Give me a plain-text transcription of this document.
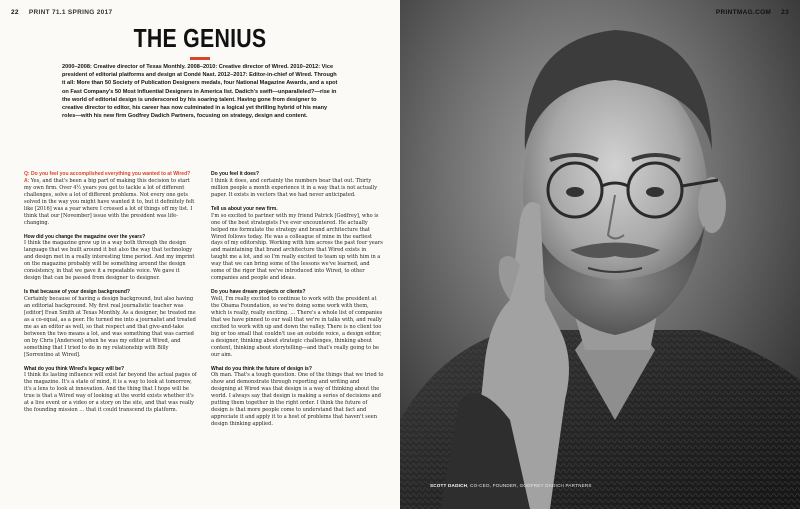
22 PRINT 71.1 SPRING 2017
THE GENIUS
2000–2008: Creative director of Texas Monthly. 2008–2010: Creative director of Wired. 2010–2012: Vice president of editorial platforms and design at Condé Nast. 2012–2017: Editor-in-chief of Wired. Through it all: More than 50 Society of Publication Designers medals, four National Magazine Awards, and a spot on Fast Company's 50 Most Influential Designers in America list. Dadich's swift—unparalleled?—rise in the world of editorial design is underscored by his soaring talent. Having gone from designer to creative director to editor, his career has now culminated in a logical yet thrilling hybrid of his many roles—with his new firm Godfrey Dadich Partners, focusing on strategy, design and content.

Q: Do you feel you accomplished everything you wanted to at Wired?
A: Yes, and that's been a big part of making this decision to start my own firm. Over 4½ years you get to tackle a lot of different challenges, solve a lot of different problems. Not every one gets solved in the way you might have wanted it to, but it definitely felt like [2016] was a year where I crossed a lot of things off my list. I think that our [November] issue with the president was life-changing.

How did you change the magazine over the years?
I think the magazine grew up in a way both through the design language that we built around it but also the way that technology and design met in a really interesting time period. And my imprint on the magazine probably will be something around the design consistency, in that we gave it a repeatable voice. We gave it design that can be passed from designer to designer.

Is that because of your design background?
Certainly because of having a design background, but also having an editorial background. My first real journalistic teacher was [editor] Evan Smith at Texas Monthly. As a designer, he treated me as a co-equal, as a peer. He turned me into a journalist and treated me as an editor as well, so that respect and that give-and-take between the two means a lot, and was something that was carried on by Chris [Anderson] when he was my editor at Wired, and something that I tried to do in my relationship with Billy [Sorrentino at Wired].

What do you think Wired's legacy will be?
I think its lasting influence will exist far beyond the actual pages of the magazine. It's a state of mind, it is a way to look at tomorrow, it's a lens to look at innovation. And the thing that I hope will be true is that a Wired way of looking at the world exists whether it's at a live event or a video or a story on the site, and that was really the founding mission … that it could transcend its platform.

Do you feel it does?
I think it does, and certainly the numbers bear that out. Thirty million people a month experience it in a way that is not actually paper. It exists in vectors that we had never anticipated.

Tell us about your new firm.
I'm so excited to partner with my friend Patrick [Godfrey], who is one of the best strategists I've ever encountered. He actually helped me formulate the strategy and brand architecture that Wired follows today. He was a colleague of mine in the earliest days of my editorship. Working with him across the past four years and maintaining that brand architecture that Wired exists in taught me a lot, and so I'm really excited to team up with him in a way that we can bring some of the lessons we've learned, and some of the rigor that we've introduced into Wired, to other companies and people and ideas.

Do you have dream projects or clients?
Well, I'm really excited to continue to work with the president at the Obama Foundation, so we're doing some work with them, which is really, really exciting. … There's a whole list of companies that we have pinned to our wall that we're in talks with, and really excited to work with up and down the valley. There is no client too big or too small that couldn't use an outside voice, a design editor, a designer, thinking about strategic challenges, thinking about content, thinking about storytelling—and that's really going to be our aim.

What do you think the future of design is?
Oh man. That's a tough question. One of the things that we tried to show and demonstrate through reporting and writing and designing at Wired was that design is a way of thinking about the world. I always say that design is making a series of decisions and putting them together in the right order. I think the future of design is that more people come to understand that fact and appreciate it and apply it to a host of problems that haven't seen design thinking applied.

PRINTMAG.COM 23
SCOTT DADICH, CO-CEO, FOUNDER, GODFREY DADICH PARTNERS
